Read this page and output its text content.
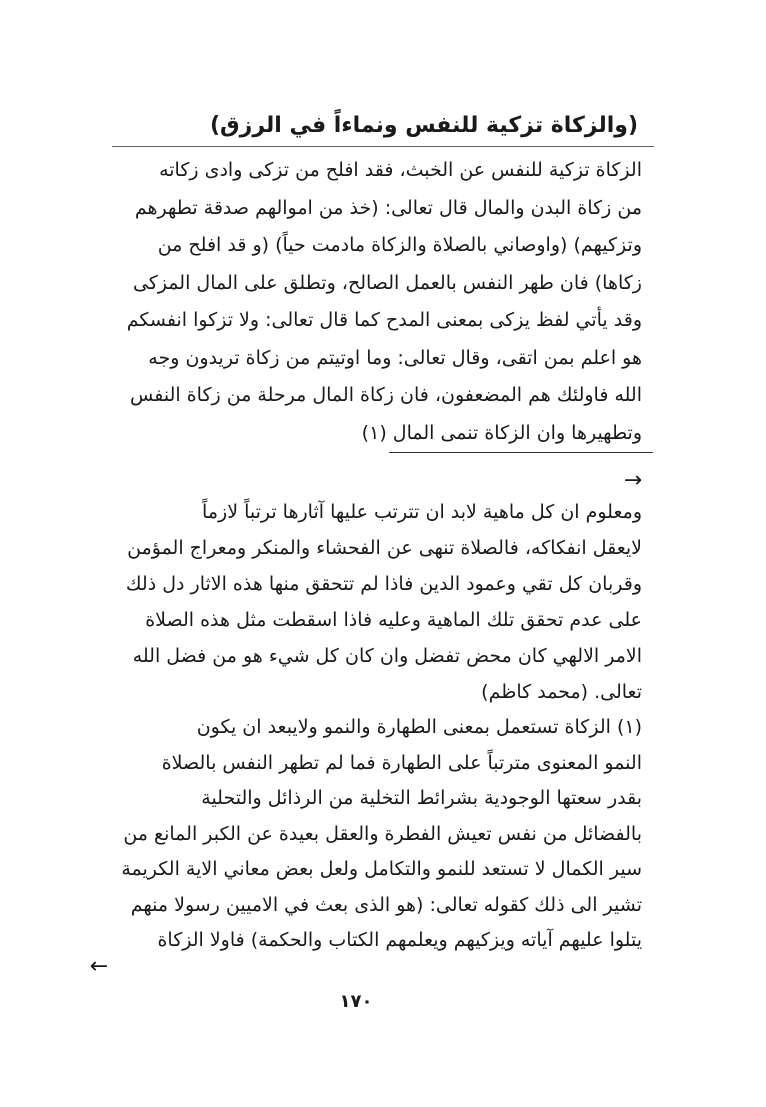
(والزكاة تزكية للنفس ونماءاً في الرزق)
الزكاة تزكية للنفس عن الخبث، فقد افلح من تزكى وادى زكاته
من زكاة البدن والمال قال تعالى: (خذ من اموالهم صدقة تطهرهم
وتزكيهم) (واوصاني بالصلاة والزكاة مادمت حياً) (و قد افلح من
زكاها) فان طهر النفس بالعمل الصالح، وتطلق على المال المزكى
وقد يأتي لفظ يزكى بمعنى المدح كما قال تعالى: ولا تزكوا انفسكم
هو اعلم بمن اتقى، وقال تعالى: وما اوتيتم من زكاة تريدون وجه
الله فاولئك هم المضعفون، فان زكاة المال مرحلة من زكاة النفس
وتطهيرها وان الزكاة تنمى المال (١)
→
ومعلوم ان كل ماهية لابد ان تترتب عليها آثارها ترتباً لازماً
لايعقل انفكاكه، فالصلاة تنهى عن الفحشاء والمنكر ومعراج المؤمن
وقربان كل تقي وعمود الدين فاذا لم تتحقق منها هذه الاثار دل ذلك
على عدم تحقق تلك الماهية وعليه فاذا اسقطت مثل هذه الصلاة
الامر الالهي كان محض تفضل وان كان كل شيء هو من فضل الله
تعالى. (محمد كاظم)
(١) الزكاة تستعمل بمعنى الطهارة والنمو ولايبعد ان يكون
النمو المعنوى مترتباً على الطهارة فما لم تطهر النفس بالصلاة
بقدر سعتها الوجودية بشرائط التخلية من الرذائل والتحلية
بالفضائل من نفس تعيش الفطرة والعقل بعيدة عن الكبر المانع من
سير الكمال لا تستعد للنمو والتكامل ولعل بعض معاني الاية الكريمة
تشير الى ذلك كقوله تعالى: (هو الذى بعث في الاميين رسولا منهم
يتلوا عليهم آياته ويزكيهم ويعلمهم الكتاب والحكمة) فاولا الزكاة
←
١٧٠
